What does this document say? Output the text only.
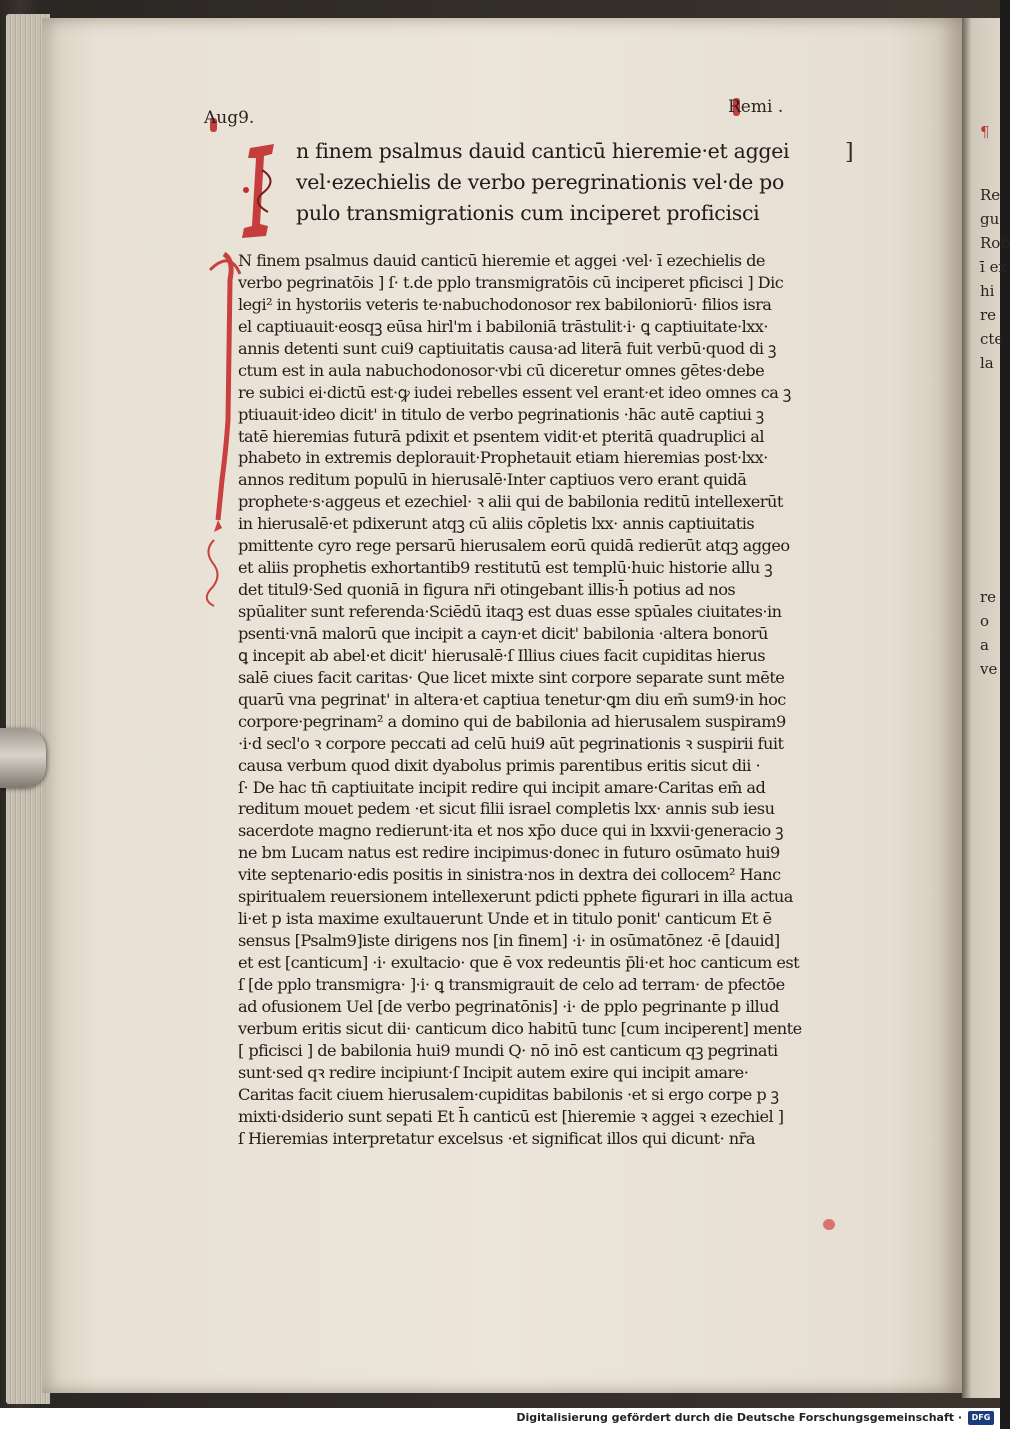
¶
Re
gu
Rob
ī ex
hi
re
cte
la
re
o
a
ve
Aug9.
Remi .
n finem psalmus dauid canticū hieremie·et aggei
vel·ezechielis de verbo peregrinationis vel·de po
pulo transmigrationis cum inciperet proficisci
]
N finem psalmus dauid canticū hieremie et aggei ·vel· ī ezechielis de
verbo pegrinatōis ] ſ· t.de pplo transmigratōis cū inciperet pficisci ] Dic
legi² in hystoriis veteris te·nabuchodonosor rex babiloniorū· filios isra
el captiuauit·eosqꝫ eūsa hirl'm i babiloniā trāstulit·i· ꝗ captiuitate·lxx·
annis detenti sunt cui9 captiuitatis causa·ad literā fuit verbū·quod di ꝫ
ctum est in aula nabuchodonosor·vbi cū diceretur omnes gētes·debe
re subici ei·dictū est·ꝙ iudei rebelles essent vel erant·et ideo omnes ca ꝫ
ptiuauit·ideo dicit' in titulo de verbo pegrinationis ·hāc autē captiui ꝫ
tatē hieremias futurā pdixit et psentem vidit·et pteritā quadruplici al
phabeto in extremis deplorauit·Prophetauit etiam hieremias post·lxx·
annos reditum populū in hierusalē·Inter captiuos vero erant quidā
prophete·s·aggeus et ezechiel· ꝛ alii qui de babilonia reditū intellexerūt
in hierusalē·et pdixerunt atqꝫ cū aliis cōpletis lxx· annis captiuitatis
pmittente cyro rege persarū hierusalem eorū quidā redierūt atqꝫ aggeo
et aliis prophetis exhortantib9 restitutū est templū·huic historie allu ꝫ
det titul9·Sed quoniā in figura nr̄i otingebant illis·h̄ potius ad nos
spūaliter sunt referenda·Sciēdū itaqꝫ est duas esse spūales ciuitates·in
psenti·vnā malorū que incipit a cayn·et dicit' babilonia ·altera bonorū
ꝗ incepit ab abel·et dicit' hierusalē·ſ Illius ciues facit cupiditas hierus
salē ciues facit caritas· Que licet mixte sint corpore separate sunt mēte
quarū vna pegrinat' in altera·et captiua tenetur·ꝗm diu em̄ sum9·in hoc
corpore·pegrinam² a domino qui de babilonia ad hierusalem suspiram9
·i·d secl'o ꝛ corpore peccati ad celū hui9 aūt pegrinationis ꝛ suspirii fuit
causa verbum quod dixit dyabolus primis parentibus eritis sicut dii ·
ſ· De hac tn̄ captiuitate incipit redire qui incipit amare·Caritas em̄ ad
reditum mouet pedem ·et sicut filii israel completis lxx· annis sub iesu
sacerdote magno redierunt·ita et nos xp̄o duce qui in lxxvii·generacio ꝫ
ne bm Lucam natus est redire incipimus·donec in futuro osūmato hui9
vite septenario·edis positis in sinistra·nos in dextra dei collocem² Hanc
spiritualem reuersionem intellexerunt pdicti pphete figurari in illa actua
li·et p ista maxime exultauerunt Unde et in titulo ponit' canticum Et ē
sensus [Psalm9]iste dirigens nos [in finem] ·i· in osūmatōnez ·ē [dauid]
et est [canticum] ·i· exultacio· que ē vox redeuntis p̄li·et hoc canticum est
ſ [de pplo transmigra· ]·i· ꝗ transmigrauit de celo ad terram· de pfectōe
ad ofusionem Uel [de verbo pegrinatōnis] ·i· de pplo pegrinante p illud
verbum eritis sicut dii· canticum dico habitū tunc [cum inciperent] mente
[ pficisci ] de babilonia hui9 mundi Q· nō inō est canticum qꝫ pegrinati
sunt·sed qꝛ redire incipiunt·ſ Incipit autem exire qui incipit amare·
Caritas facit ciuem hierusalem·cupiditas babilonis ·et si ergo corpe p ꝫ
mixti·dsiderio sunt sepati Et h̄ canticū est [hieremie ꝛ aggei ꝛ ezechiel ]
ſ Hieremias interpretatur excelsus ·et significat illos qui dicunt· nr̄a
Digitalisierung gefördert durch die Deutsche Forschungsgemeinschaft ·	DFG
